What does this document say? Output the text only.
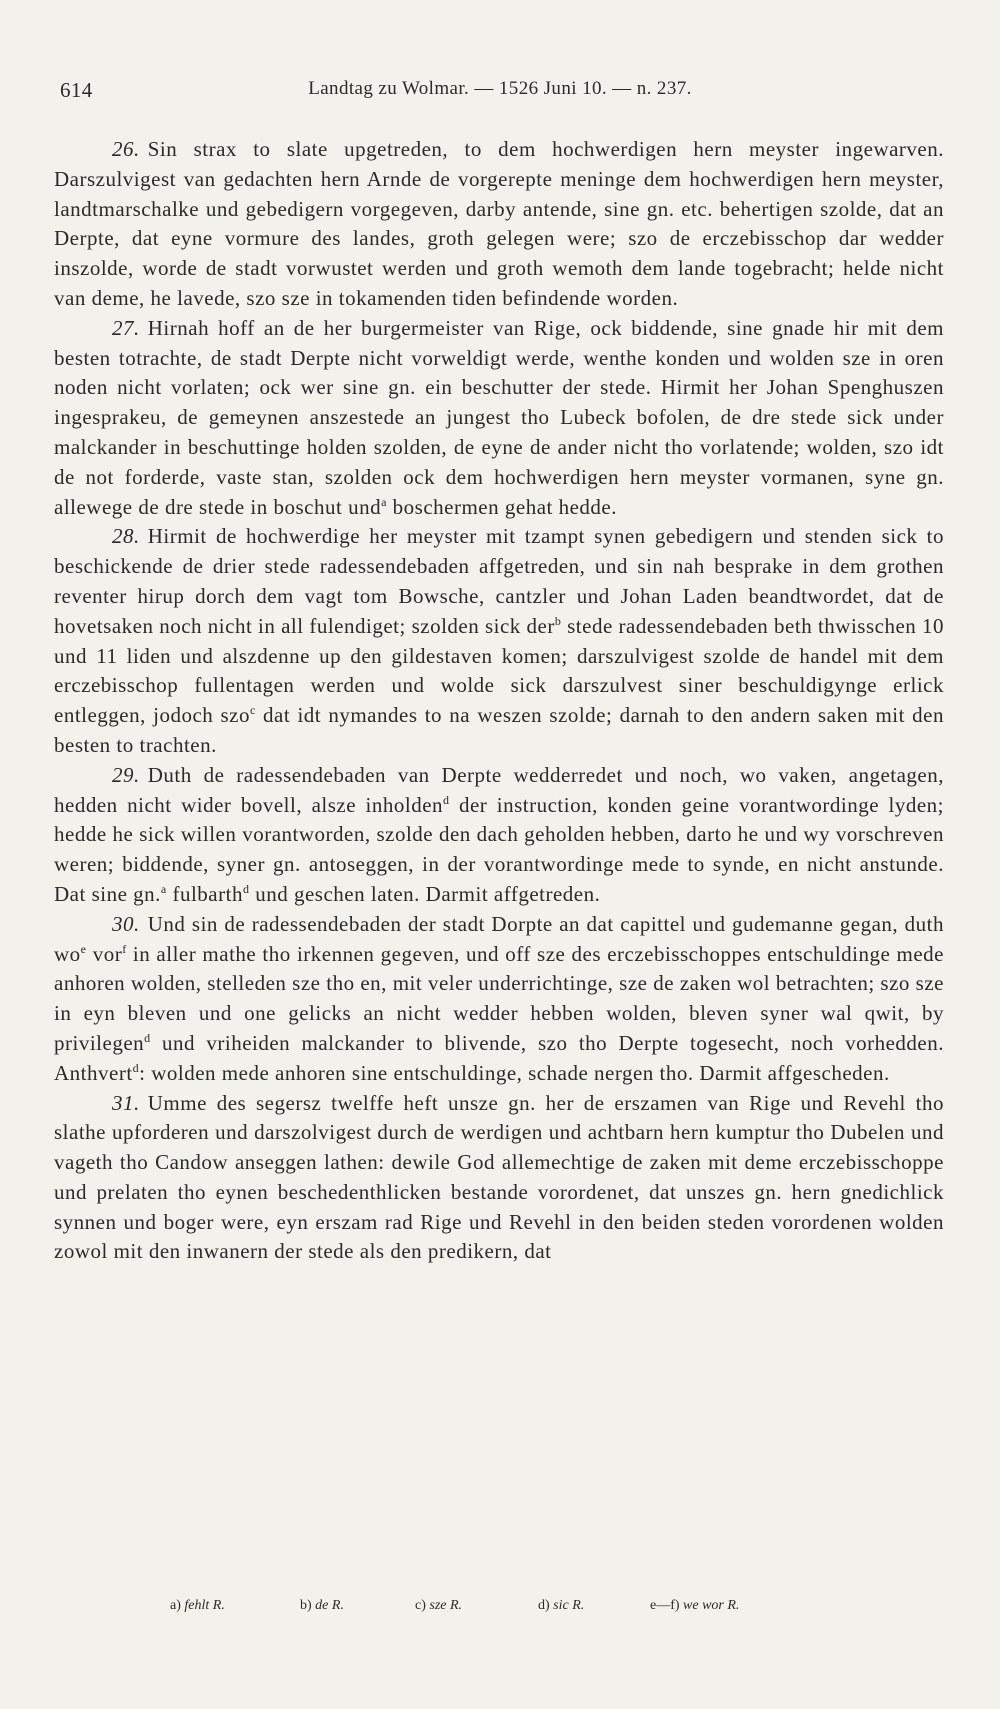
614	Landtag zu Wolmar. — 1526 Juni 10. — n. 237.

26. Sin strax to slate upgetreden, to dem hochwerdigen hern meyster ingewarven. Darszulvigest van gedachten hern Arnde de vorgerepte meninge dem hochwerdigen hern meyster, landtmarschalke und gebedigern vorgegeven, darby antende, sine gn. etc. behertigen szolde, dat an Derpte, dat eyne vormure des landes, groth gelegen were; szo de erczebisschop dar wedder inszolde, worde de stadt vorwustet werden und groth wemoth dem lande togebracht; helde nicht van deme, he lavede, szo sze in tokamenden tiden befindende worden.

27. Hirnah hoff an de her burgermeister van Rige, ock biddende, sine gnade hir mit dem besten totrachte, de stadt Derpte nicht vorweldigt werde, wenthe konden und wolden sze in oren noden nicht vorlaten; ock wer sine gn. ein beschutter der stede. Hirmit her Johan Spenghuszen ingesprakeu, de gemeynen anszestede an jungest tho Lubeck bofolen, de dre stede sick under malckander in beschuttinge holden szolden, de eyne de ander nicht tho vorlatende; wolden, szo idt de not forderde, vaste stan, szolden ock dem hochwerdigen hern meyster vormanen, syne gn. allewege de dre stede in boschut und$^a$ boschermen gehat hedde.

28. Hirmit de hochwerdige her meyster mit tzampt synen gebedigern und stenden sick to beschickende de drier stede radessendebaden affgetreden, und sin nah besprake in dem grothen reventer hirup dorch dem vagt tom Bowsche, cantzler und Johan Laden beandtwordet, dat de hovetsaken noch nicht in all fulendiget; szolden sick der$^b$ stede radessendebaden beth thwisschen 10 und 11 liden und alszdenne up den gildestaven komen; darszulvigest szolde de handel mit dem erczebisschop fullentagen werden und wolde sick darszulvest siner beschuldigynge erlick entleggen, jodoch szo$^c$ dat idt nymandes to na weszen szolde; darnah to den andern saken mit den besten to trachten.

29. Duth de radessendebaden van Derpte wedderredet und noch, wo vaken, angetagen, hedden nicht wider bovell, alsze inholden$^d$ der instruction, konden geine vorantwordinge lyden; hedde he sick willen vorantworden, szolde den dach geholden hebben, darto he und wy vorschreven weren; biddende, syner gn. antoseggen, in der vorantwordinge mede to synde, en nicht anstunde. Dat sine gn.$^a$ fulbarth$^d$ und geschen laten. Darmit affgetreden.

30. Und sin de radessendebaden der stadt Dorpte an dat capittel und gudemanne gegan, duth $wo^e$ vor$^f$ in aller mathe tho irkennen gegeven, und off sze des erczebisschoppes entschuldinge mede anhoren wolden, stelleden sze tho en, mit veler underrichtinge, sze de zaken wol betrachten; szo sze in eyn bleven und one gelicks an nicht wedder hebben wolden, bleven syner wal qwit, by privilegen$^d$ und vriheiden malckander to blivende, szo tho Derpte togesecht, noch vorhedden. Anthvert$^d$: wolden mede anhoren sine entschuldinge, schade nergen tho. Darmit affgescheden.

31. Umme des segersz twelffe heft unsze gn. her de erszamen van Rige und Revehl tho slathe upforderen und darszolvigest durch de werdigen und achtbarn hern kumptur tho Dubelen und vageth tho Candow anseggen lathen: dewile God allemechtige de zaken mit deme erczebisschoppe und prelaten tho eynen beschedenthlicken bestande vorordenet, dat unszes gn. hern gnedichlick synnen und boger were, eyn erszam rad Rige und Revehl in den beiden steden vorordenen wolden zowol mit den inwanern der stede als den predikern, dat

a) fehlt R.	b) de R.	c) sze R.	d) sic R.	e—f) we wor R.
